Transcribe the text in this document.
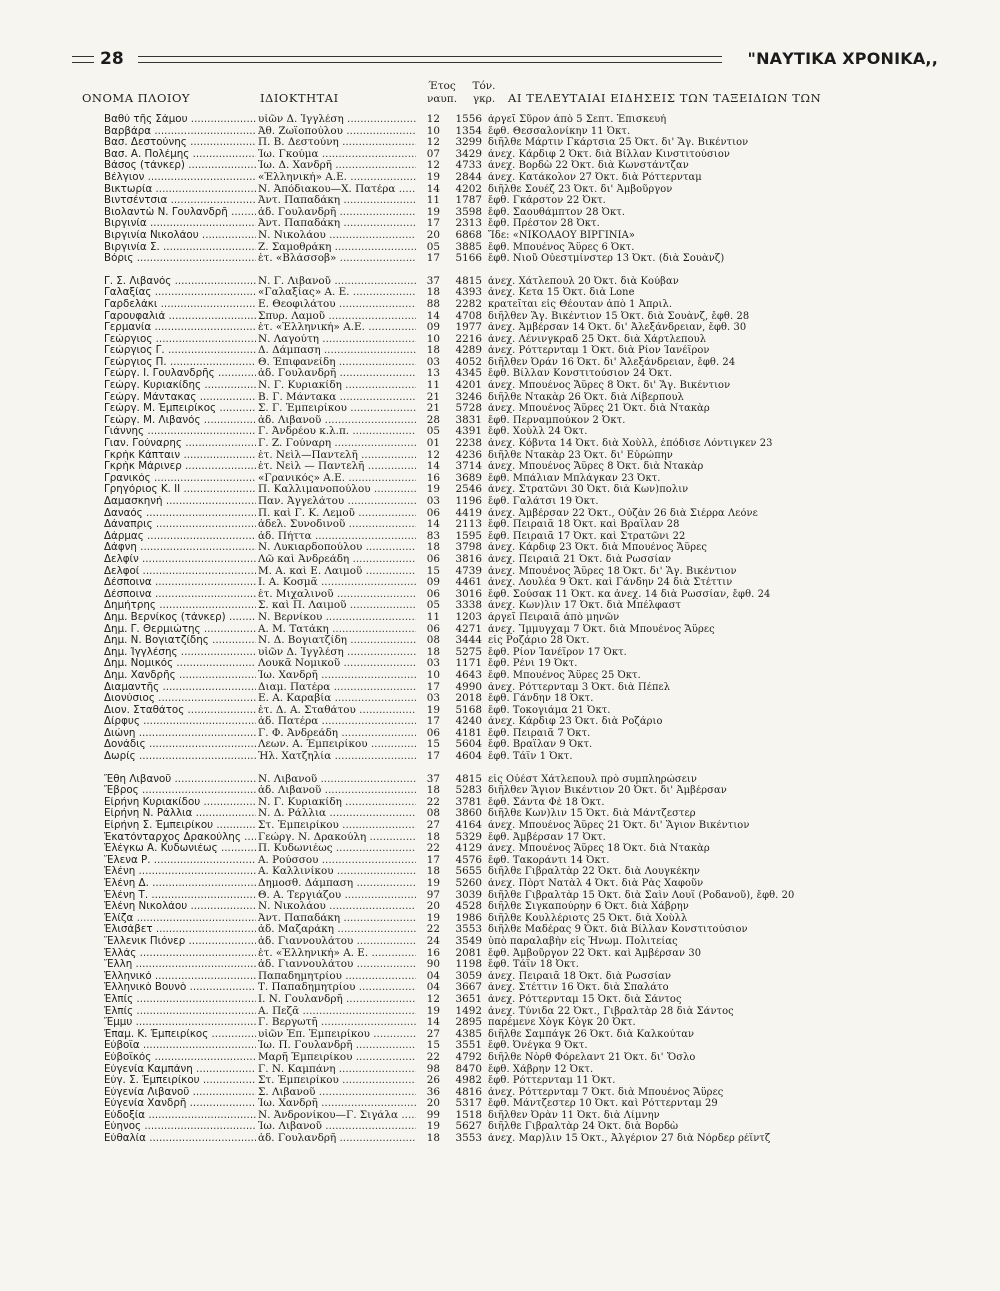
28	"ΝΑΥΤΙΚΑ ΧΡΟΝΙΚΑ,,
ΟΝΟΜΑ ΠΛΟΙΟΥ	ΙΔΙΟΚΤΗΤΑΙ
Έτος ναυπ.
Τόν. γκρ.	ΑΙ ΤΕΛΕΥΤΑΙΑΙ ΕΙΔΗΣΕΙΣ ΤΩΝ ΤΑΞΕΙΔΙΩΝ ΤΩΝ
Βαθύ τῆς Σάμου .....	υἱῶν Δ. Ἰγγλέση .....	12	1556 ἀργεῖ Σῦρον ἀπὸ 5 Σεπτ. Ἐπισκευή
Βαρβάρα .....	Ἀθ. Ζωϊοπούλου .....	10	1354 ἔφθ. Θεσσαλονίκην 11 Ὀκτ.
Βασ. Δεστούνης .....	Π. Β. Δεστούνη .....	12	3299 διῆλθε Μάρτιν Γκάρτσια 25 Ὀκτ. δι' Ἅγ. Βικέντιον
Βασ. Α. Πολέμης .....	Ἰω. Γκούμα .....	07	3429 ἀνεχ. Κάρδιφ 2 Ὀκτ. διὰ Βίλλαν Κινστιτούσιον
Βάσος (τάνκερ) .....	Ἰω. Δ. Χανδρῆ .....	12	4733 ἀνεχ. Βορδὼ 22 Ὀκτ. διὰ Κωνστάντζαν
Βέλγιον .....	«Ἑλληνική» Α.Ε. .....	19	2844 ἀνεχ. Κατάκολον 27 Ὀκτ. διὰ Ρόττερνταμ
Βικτωρία .....	Ν. Ἀπόδιακου—Χ. Πατέρα .....	14	4202 διῆλθε Σουέζ 23 Ὀκτ. δι' Ἀμβοῦργον
Βιντσέντσια .....	Ἀντ. Παπαδάκη .....	11	1787 ἔφθ. Γκάρστον 22 Ὀκτ.
Βιολαντὼ Ν. Γουλανδρῆ .....	ἀδ. Γουλανδρῆ .....	19	3598 ἔφθ. Σαουθάμπτον 28 Ὀκτ.
Βιργινία .....	Ἀντ. Παπαδάκη .....	17	2313 ἔφθ. Πρέστον 28 Ὀκτ.
Βιργινία Νικολάου .....	Ν. Νικολάου .....	20	6868 Ἴδε: «ΝΙΚΟΛΑΟΥ ΒΙΡΓΙΝΙΑ»
Βιργινία Σ. .....	Ζ. Σαμοθράκη .....	05	3885 ἔφθ. Μπουένος Ἄϋρες 6 Ὀκτ.
Βόρις .....	ἑτ. «Βλάσσοβ» .....	17	5166 ἔφθ. Νιοῦ Οὐεστμίνστερ 13 Ὀκτ. (διὰ Σουὰνζ)
Γ. Σ. Λιβανός .....	Ν. Γ. Λιβανοῦ .....	37	4815 ἀνεχ. Χάτλεπουλ 20 Ὀκτ. διὰ Κούβαν
Γαλαξίας .....	«Γαλαξίας» Α. Ε. .....	18	4393 ἀνεχ. Κετα 15 Ὀκτ. διὰ Lone
Γαρδελάκι .....	Ε. Θεοφιλάτου .....	88	2282 κρατεῖται εἰς Θέουταν ἀπὸ 1 Ἀπριλ.
Γαρουφαλιά .....	Σπυρ. Λαμοῦ .....	14	4708 διῆλθεν Ἅγ. Βικέντιον 15 Ὀκτ. διὰ Σουὰνζ, ἔφθ. 28
Γερμανία .....	ἑτ. «Ἑλληνική» Α.Ε. .....	09	1977 ἀνεχ. Ἀμβέρσαν 14 Ὀκτ. δι' Ἀλεξάνδρειαν, ἔφθ. 30
Γεώργιος .....	Ν. Λαγούτη .....	10	2216 ἀνεχ. Λένινγκραδ 25 Ὀκτ. διὰ Χάρτλεπουλ
Γεώργιος Γ. .....	Δ. Δάμπαση .....	18	4289 ἀνεχ. Ρόττερνταμ 1 Ὀκτ. διὰ Ρίον Ἰανέϊρον
Γεώργιος Π. .....	Θ. Ἐπιφανείδη .....	03	4052 διῆλθεν Ὀράν 16 Ὀκτ. δι' Ἀλεξάνδρειαν, ἔφθ. 24
Γεώργ. Ι. Γουλανδρῆς .....	ἀδ. Γουλανδρῆ .....	13	4345 ἔφθ. Βίλλαν Κονστιτούσιον 24 Ὀκτ.
Γεώργ. Κυριακίδης .....	Ν. Γ. Κυριακίδη .....	11	4201 ἀνεχ. Μπουένος Ἄϋρες 8 Ὀκτ. δι' Ἅγ. Βικέντιον
Γεώργ. Μάντακας .....	Β. Γ. Μάντακα .....	21	3246 διῆλθε Ντακὰρ 26 Ὀκτ. διὰ Λίβερπουλ
Γεώργ. Μ. Ἐμπειρίκος .....	Σ. Γ. Ἐμπειρίκου .....	21	5728 ἀνεχ. Μπουένος Ἄϋρες 21 Ὀκτ. διὰ Ντακὰρ
Γεώργ. Μ. Λιβανός .....	ἀδ. Λιβανοῦ .....	28	3831 ἔφθ. Περναμπούκον 2 Ὀκτ.
Γιάννης .....	Γ. Ἀνδρέου κ.λ.π. .....	05	4391 ἔφθ. Χοὺλλ 24 Ὀκτ.
Γιαν. Γούναρης .....	Γ. Ζ. Γούναρη .....	01	2238 ἀνεχ. Κόβντα 14 Ὀκτ. διὰ Χοὺλλ, ἐπόδισε Λόντιγκεν 23
Γκρὴκ Κάπταιν .....	ἑτ. Νεὶλ—Παντελῆ .....	12	4236 διῆλθε Ντακὰρ 23 Ὀκτ. δι' Εὐρώπην
Γκρὴκ Μάρινερ .....	ἑτ. Νεὶλ — Παντελῆ .....	14	3714 ἀνεχ. Μπουένος Ἄϋρες 8 Ὀκτ. διὰ Ντακὰρ
Γρανικός .....	«Γρανικός» Α.Ε. .....	16	3689 ἔφθ. Μπάλιαν Μπλάγκαν 23 Ὀκτ.
Γρηγόριος Κ. ΙΙ .....	Π. Καλλιμανοπούλου .....	19	2546 ἀνεχ. Στρατῶνι 30 Ὀκτ. διὰ Κων)πολιν
Δαμασκηνή .....	Παν. Ἀγγελάτου .....	03	1196 ἔφθ. Γαλάτσι 19 Ὀκτ.
Δαναός .....	Π. καὶ Γ. Κ. Λεμοῦ .....	06	4419 ἀνεχ. Ἀμβέρσαν 22 Ὀκτ., Οὐζὰν 26 διὰ Σιέρρα Λεόνε
Δάναπρις .....	ἀδελ. Συνοδινοῦ .....	14	2113 ἔφθ. Πειραιᾶ 18 Ὀκτ. καὶ Βραΐλαν 28
Δάρμας .....	ἀδ. Πήττα .....	83	1595 ἔφθ. Πειραιᾶ 17 Ὀκτ. καὶ Στρατῶνι 22
Δάφνη .....	Ν. Λυκιαρδοπούλου .....	18	3798 ἀνεχ. Κάρδιφ 23 Ὀκτ. διὰ Μπουένος Ἄϋρες
Δελφίν .....	Λῶ καὶ Ἀνδρεάδη .....	06	3816 ἀνεχ. Πειραιᾶ 21 Ὀκτ. διὰ Ρωσσίαν
Δελφοί .....	Μ. Α. καὶ Ε. Λαιμοῦ .....	15	4739 ἀνεχ. Μπουένος Ἄϋρες 18 Ὀκτ. δι' Ἅγ. Βικέντιον
Δέσποινα .....	Ι. Α. Κοσμᾶ .....	09	4461 ἀνεχ. Λουλέα 9 Ὀκτ. καὶ Γάνδην 24 διὰ Στέττιν
Δέσποινα .....	ἑτ. Μιχαλινοῦ .....	06	3016 ἔφθ. Σούσακ 11 Ὀκτ. κα ἀνεχ. 14 διὰ Ρωσσίαν, ἔφθ. 24
Δημήτρης .....	Σ. καὶ Π. Λαιμοῦ .....	05	3338 ἀνεχ. Κων)λιν 17 Ὀκτ. διὰ Μπέλφαστ
Δημ. Βερνίκος (τάνκερ) .....	Ν. Βερνίκου .....	11	1203 ἀργεῖ Πειραιᾶ ἀπὸ μηνῶν
Δημ. Γ. Θερμιώτης .....	Α. Μ. Τατάκη .....	06	4271 ἀνεχ. Ἴμμυγχαμ 7 Ὀκτ. διὰ Μπουένος Ἄϋρες
Δημ. Ν. Βογιατζίδης .....	Ν. Δ. Βογιατζίδη .....	08	3444 εἰς Ροζάριο 28 Ὀκτ.
Δημ. Ἰγγλέσης .....	υἱῶν Δ. Ἰγγλέση .....	18	5275 ἔφθ. Ρίον Ἰανέϊρον 17 Ὀκτ.
Δημ. Νομικός .....	Λουκᾶ Νομικοῦ .....	03	1171 ἔφθ. Ρένι 19 Ὀκτ.
Δημ. Χανδρῆς .....	Ἰω. Χανδρῆ .....	10	4643 ἔφθ. Μπουένος Ἄϋρες 25 Ὀκτ.
Διαμαντῆς .....	Διαμ. Πατέρα .....	17	4990 ἀνεχ. Ρόττερνταμ 3 Ὀκτ. διὰ Πέπελ
Διονύσιος .....	Ε. Α. Καραβία .....	03	2018 ἔφθ. Γάνδην 18 Ὀκτ.
Διον. Σταθάτος .....	ἑτ. Δ. Α. Σταθάτου .....	19	5168 ἔφθ. Τοκογιάμα 21 Ὀκτ.
Δίρφυς .....	ἀδ. Πατέρα .....	17	4240 ἀνεχ. Κάρδιφ 23 Ὀκτ. διὰ Ροζάριο
Διώνη .....	Γ. Φ. Ἀνδρεάδη .....	06	4181 ἔφθ. Πειραιᾶ 7 Ὀκτ.
Δονάδις .....	Λεων. Α. Ἐμπειρίκου .....	15	5604 ἔφθ. Βραΐλαν 9 Ὀκτ.
Δωρίς .....	Ἠλ. Χατζηλία .....	17	4604 ἔφθ. Τάϊν 1 Ὀκτ.
Ἔθη Λιβανοῦ .....	Ν. Λιβανοῦ .....	37	4815 εἰς Οὐέστ Χάτλεπουλ πρὸ συμπληρώσειν
Ἔβρος .....	ἀδ. Λιβανοῦ .....	18	5283 διῆλθεν Ἅγιον Βικέντιον 20 Ὀκτ. δι' Ἀμβέρσαν
Εἰρήνη Κυριακίδου .....	Ν. Γ. Κυριακίδη .....	22	3781 ἔφθ. Σάντα Φὲ 18 Ὀκτ.
Εἰρήνη Ν. Ράλλια .....	Ν. Δ. Ράλλια .....	08	3860 διῆλθε Κων)λιν 15 Ὀκτ. διὰ Μάντζεστερ
Εἰρήνη Σ. Ἐμπειρίκου .....	Στ. Ἐμπειρίκου .....	27	4164 ἀνεχ. Μπουένος Ἄϋρες 21 Ὀκτ. δι' Ἅγιον Βικέντιον
Ἑκατόνταρχος Δρακούλης .....	Γεώργ. Ν. Δρακούλη .....	18	5329 ἔφθ. Ἀμβέρσαν 17 Ὀκτ.
Ἑλέγκω Α. Κυδωνιέως .....	Π. Κυδωνιέως .....	22	4129 ἀνεχ. Μπουένος Ἄϋρες 18 Ὀκτ. διὰ Ντακὰρ
Ἕλενα Ρ. .....	Α. Ρούσσου .....	17	4576 ἔφθ. Τακοράντι 14 Ὀκτ.
Ἑλένη .....	Α. Καλλινίκου .....	18	5655 διῆλθε Γιβραλτὰρ 22 Ὀκτ. διὰ Λουγκέκην
Ἑλένη Δ. .....	Δημοσθ. Δάμπαση .....	19	5260 ἀνεχ. Πὸρτ Νατὰλ 4 Ὀκτ. διὰ Ρὰς Χαφοῦν
Ἑλένη Τ. .....	Θ. Α. Τεργιάζου .....	97	3039 διῆλθε Γιβραλτὰρ 15 Ὀκτ. διὰ Σαὶν Λουΐ (Ροδανοῦ), ἔφθ. 20
Ἑλένη Νικολάου .....	Ν. Νικολάου .....	20	4528 διῆλθε Σιγκαπούρην 6 Ὀκτ. διὰ Χάβρην
Ἐλίζα .....	Ἀντ. Παπαδάκη .....	19	1986 διῆλθε Κουλλέριοτς 25 Ὀκτ. διὰ Χοὺλλ
Ἐλισάβετ .....	ἀδ. Μαζαράκη .....	22	3553 διῆλθε Μαδέρας 9 Ὀκτ. διὰ Βίλλαν Κονστιτούσιον
Ἕλλενικ Πιόνερ .....	ἀδ. Γιαννουλάτου .....	24	3549 ὑπὸ παραλαβὴν εἰς Ἡνωμ. Πολιτείας
Ἑλλάς .....	ἑτ. «Ἑλληνική» Α. Ε. .....	16	2081 ἔφθ. Ἀμβοῦργον 22 Ὀκτ. καὶ Ἀμβέρσαν 30
Ἕλλη .....	ἀδ. Γιαννουλάτου .....	90	1198 ἔφθ. Τάϊν 18 Ὀκτ.
Ἑλληνικό .....	Παπαδημητρίου .....	04	3059 ἀνεχ. Πειραιᾶ 18 Ὀκτ. διὰ Ρωσσίαν
Ἑλληνικὸ Βουνὸ .....	Τ. Παπαδημητρίου .....	04	3667 ἀνεχ. Στέττιν 16 Ὀκτ. διὰ Σπαλάτο
Ἐλπίς .....	Ι. Ν. Γουλανδρῆ .....	12	3651 ἀνεχ. Ρόττερνταμ 15 Ὀκτ. διὰ Σάντος
Ἐλπίς .....	Α. Πεζᾶ .....	19	1492 ἀνεχ. Τύνιδα 22 Ὀκτ., Γιβραλτὰρ 28 διὰ Σάντος
Ἔμμυ .....	Γ. Βεργωτῆ .....	14	2895 παρέμενε Χὸγκ Κὸγκ 20 Ὀκτ.
Ἐπαμ. Κ. Ἐμπειρίκος .....	υἱῶν Ἐπ. Ἐμπειρίκου .....	27	4385 διῆλθε Σαμπάγκ 26 Ὀκτ. διὰ Καλκούταν
Εὐβοΐα .....	Ἰω. Π. Γουλανδρῆ .....	15	3551 ἔφθ. Ὀνέγκα 9 Ὀκτ.
Εὐβοϊκός .....	Μαρῆ Ἐμπειρίκου .....	22	4792 διῆλθε Νὸρθ Φόρελαντ 21 Ὀκτ. δι' Ὄσλο
Εὐγενία Καμπάνη .....	Γ. Ν. Καμπάνη .....	98	8470 ἔφθ. Χάβρην 12 Ὀκτ.
Εὐγ. Σ. Ἐμπειρίκου .....	Στ. Ἐμπειρίκου .....	26	4982 ἔφθ. Ρόττερνταμ 11 Ὀκτ.
Εὐγενία Λιβανοῦ .....	Σ. Λιβανοῦ .....	36	4816 ἀνεχ. Ρόττερνταμ 7 Ὀκτ. διὰ Μπουένος Ἄϋρες
Εὐγενία Χανδρῆ .....	Ἰω. Χανδρῆ .....	20	5317 ἔφθ. Μάντζεστερ 10 Ὀκτ. καὶ Ρόττερνταμ 29
Εὐδοξία .....	Ν. Ἀνδρονίκου—Γ. Σιγάλα .....	99	1518 διῆλθεν Ὀρὰν 11 Ὀκτ. διὰ Λίμνην
Εὐηνος .....	Ἰω. Λιβανοῦ .....	19	5627 διῆλθε Γιβραλτὰρ 24 Ὀκτ. διὰ Βορδὼ
Εὐθαλία .....	ἀδ. Γουλανδρῆ .....	18	3553 ἀνεχ. Μαρ)λιν 15 Ὀκτ., Ἀλγέριον 27 διὰ Νόρδερ ρέϊντζ
